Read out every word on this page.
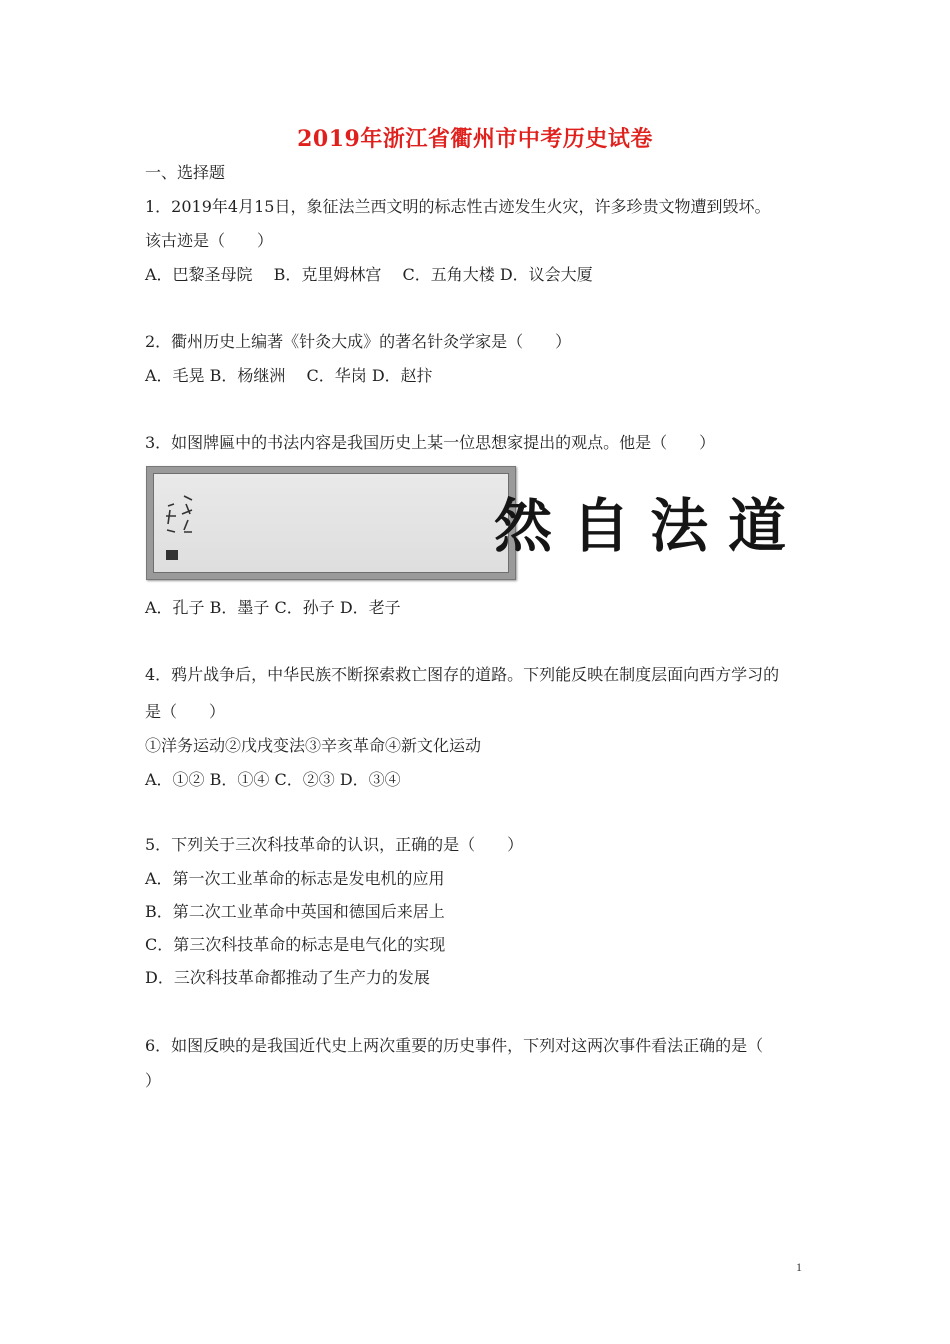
2019年浙江省衢州市中考历史试卷
一、选择题
1．2019年4月15日，象征法兰西文明的标志性古迹发生火灾，许多珍贵文物遭到毁坏。
该古迹是（　　）
A．巴黎圣母院　 B．克里姆林宫　 C．五角大楼 D．议会大厦
2．衢州历史上编著《针灸大成》的著名针灸学家是（　　）
A．毛晃 B．杨继洲　 C．华岗 D．赵抃
3．如图牌匾中的书法内容是我国历史上某一位思想家提出的观点。他是（　　）
道法自然
A．孔子 B．墨子 C．孙子 D．老子
4．鸦片战争后，中华民族不断探索救亡图存的道路。下列能反映在制度层面向西方学习的
是（　　）
①洋务运动②戊戌变法③辛亥革命④新文化运动
A．①② B．①④ C．②③ D．③④
5．下列关于三次科技革命的认识，正确的是（　　）
A．第一次工业革命的标志是发电机的应用
B．第二次工业革命中英国和德国后来居上
C．第三次科技革命的标志是电气化的实现
D．三次科技革命都推动了生产力的发展
6．如图反映的是我国近代史上两次重要的历史事件，下列对这两次事件看法正确的是（
）
1
